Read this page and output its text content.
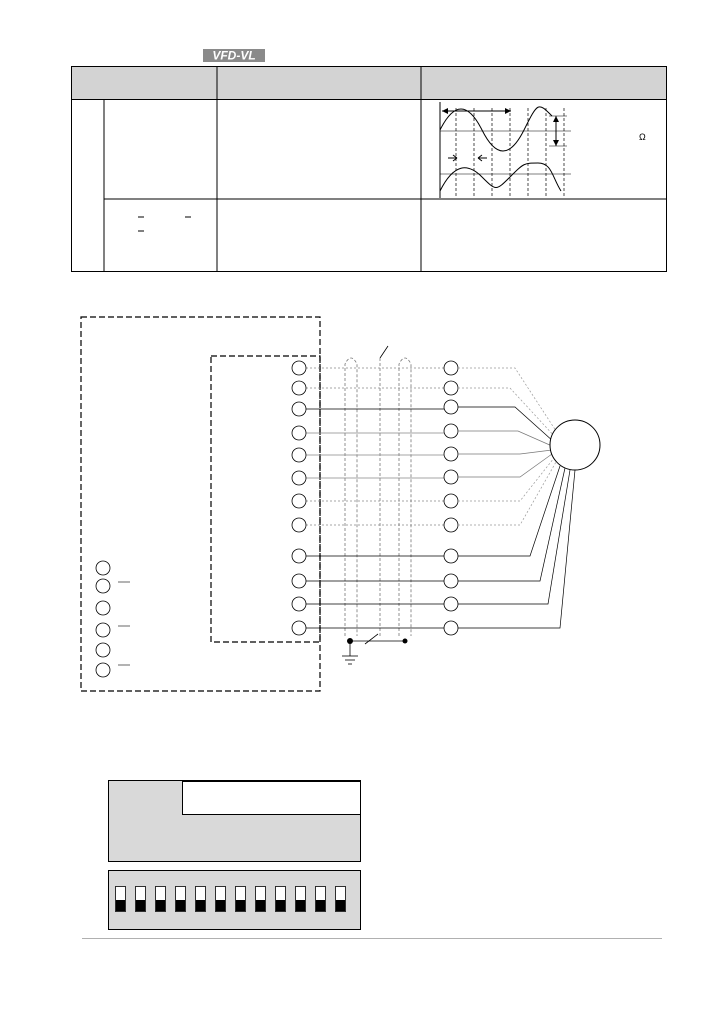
VFD-VL
Ω
